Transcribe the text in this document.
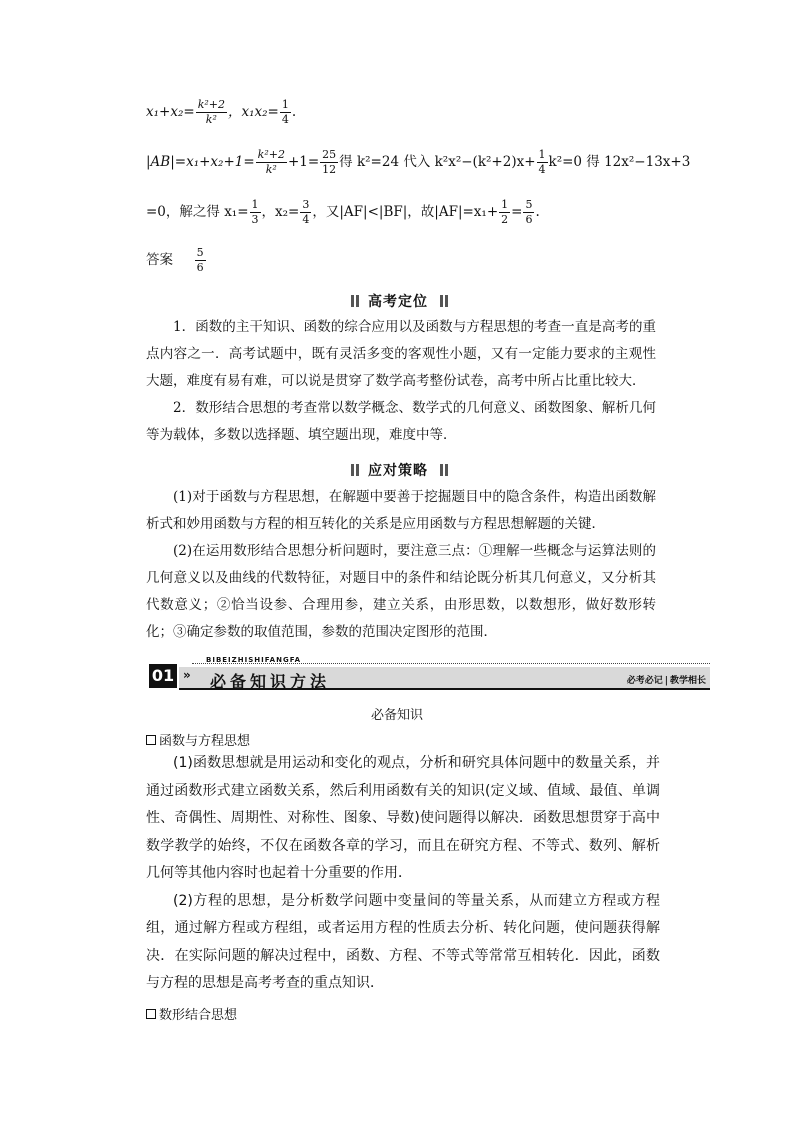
$x_1+x_2= \frac{\text{k²+2}}{\text{k²}}$ ，$x_1x_2= \frac{1}{4}$ .
$|AB|=x_1+x_2+1= \frac{\text{k²+2}}{\text{k²}} +1= \frac{25}{12}$ 得 k²=24 代入 $k^2x^2-(k^2+2)x+ \frac{1}{4} k^2=0$ 得 12x²−13x+3
=0，解之得 $x_1= \frac{1}{3}$ ，$x_2= \frac{3}{4}$ ，又|AF|<|BF|，故$|AF|=x_1+ \frac{1}{2} = \frac{5}{6}$ .
答案 $\frac{5}{6}$
高考定位

1．函数的主干知识、函数的综合应用以及函数与方程思想的考查一直是高考的重点内容之一．高考试题中，既有灵活多变的客观性小题，又有一定能力要求的主观性大题，难度有易有难，可以说是贯穿了数学高考整份试卷，高考中所占比重比较大．

2．数形结合思想的考查常以数学概念、数学式的几何意义、函数图象、解析几何等为载体，多数以选择题、填空题出现，难度中等．

应对策略

(1)对于函数与方程思想，在解题中要善于挖掘题目中的隐含条件，构造出函数解析式和妙用函数与方程的相互转化的关系是应用函数与方程思想解题的关键．

(2)在运用数形结合思想分析问题时，要注意三点：①理解一些概念与运算法则的几何意义以及曲线的代数特征，对题目中的条件和结论既分析其几何意义，又分析其代数意义；②恰当设参、合理用参，建立关系，由形思数，以数想形，做好数形转化；③确定参数的取值范围，参数的范围决定图形的范围．

BIBEIZHISHIFANGFA
01 » 必备知识方法	必考必记 | 教学相长
必备知识
函数与方程思想

(1)函数思想就是用运动和变化的观点，分析和研究具体问题中的数量关系，并通过函数形式建立函数关系，然后利用函数有关的知识(定义域、值域、最值、单调性、奇偶性、周期性、对称性、图象、导数)使问题得以解决．函数思想贯穿于高中数学教学的始终，不仅在函数各章的学习，而且在研究方程、不等式、数列、解析几何等其他内容时也起着十分重要的作用．

(2)方程的思想，是分析数学问题中变量间的等量关系，从而建立方程或方程组，通过解方程或方程组，或者运用方程的性质去分析、转化问题，使问题获得解决．在实际问题的解决过程中，函数、方程、不等式等常常互相转化．因此，函数与方程的思想是高考考查的重点知识．

数形结合思想
